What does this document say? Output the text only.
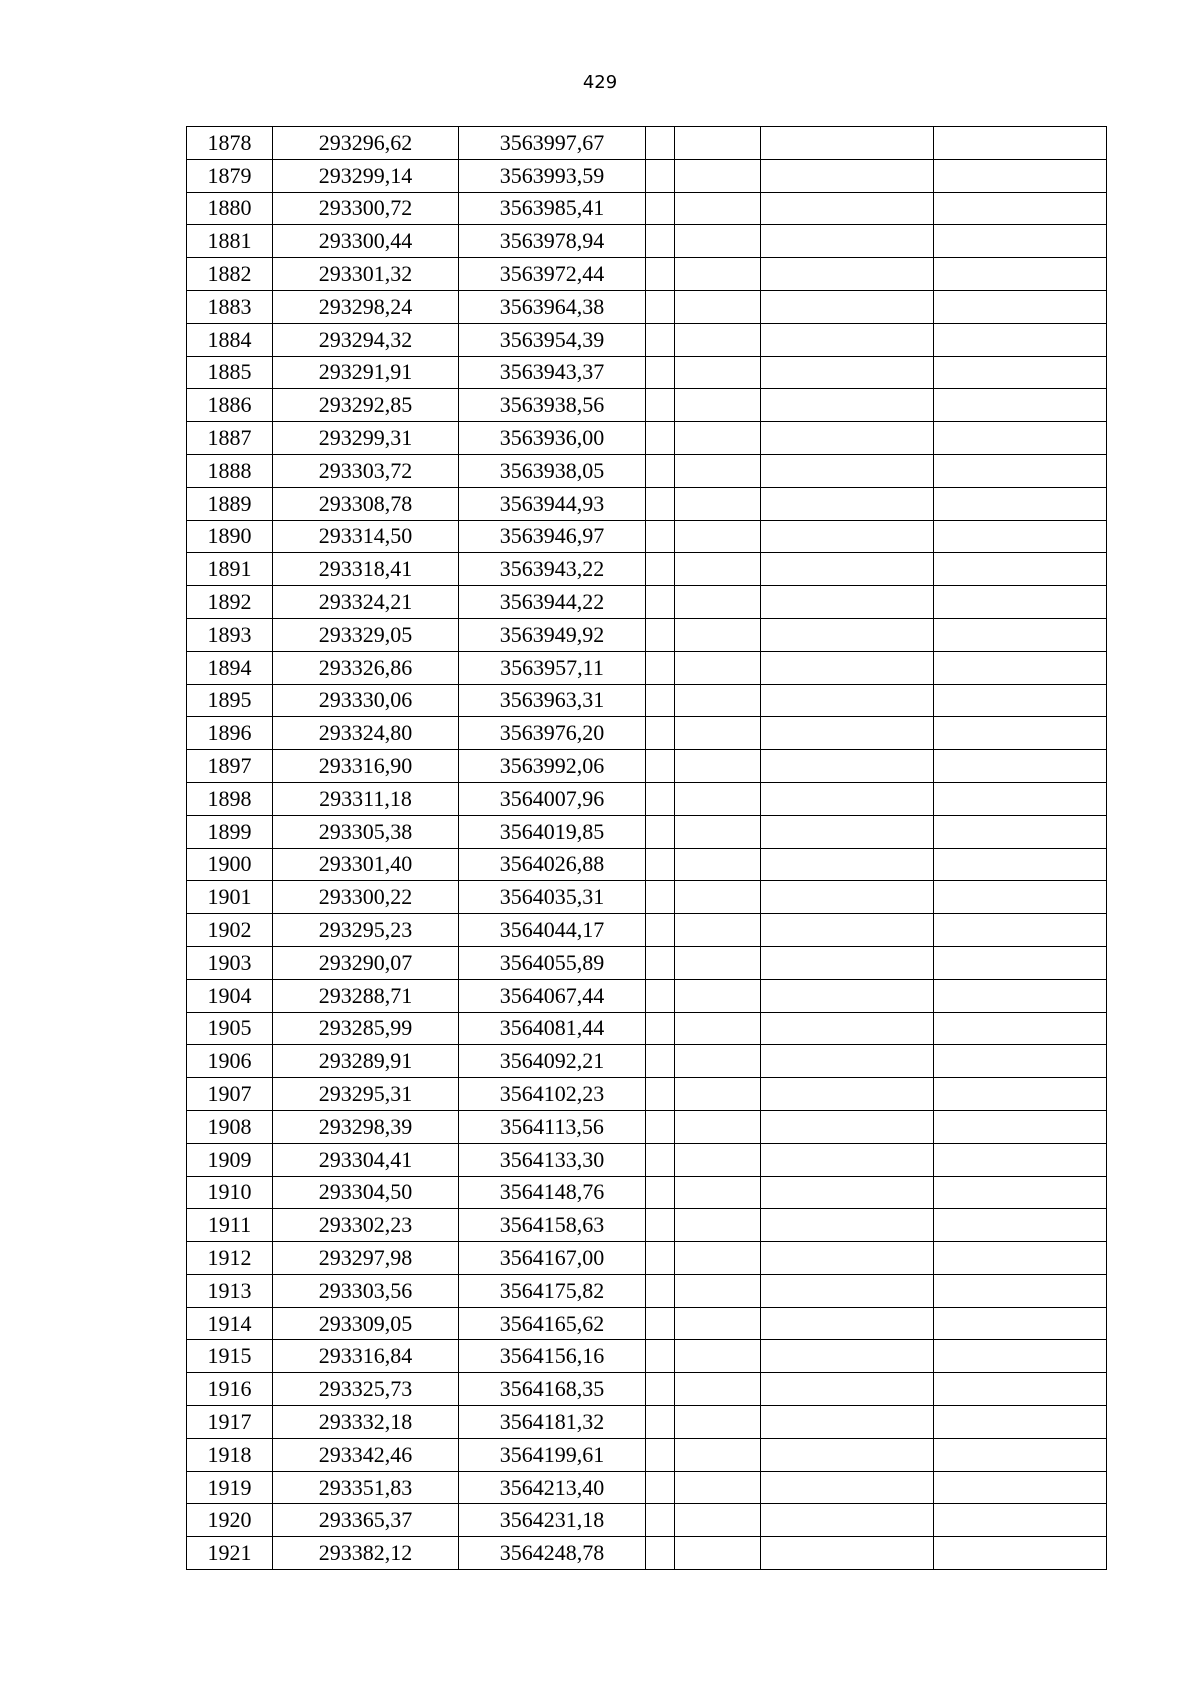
429
1878	293296,62	3563997,67				
1879	293299,14	3563993,59				
1880	293300,72	3563985,41				
1881	293300,44	3563978,94				
1882	293301,32	3563972,44				
1883	293298,24	3563964,38				
1884	293294,32	3563954,39				
1885	293291,91	3563943,37				
1886	293292,85	3563938,56				
1887	293299,31	3563936,00				
1888	293303,72	3563938,05				
1889	293308,78	3563944,93				
1890	293314,50	3563946,97				
1891	293318,41	3563943,22				
1892	293324,21	3563944,22				
1893	293329,05	3563949,92				
1894	293326,86	3563957,11				
1895	293330,06	3563963,31				
1896	293324,80	3563976,20				
1897	293316,90	3563992,06				
1898	293311,18	3564007,96				
1899	293305,38	3564019,85				
1900	293301,40	3564026,88				
1901	293300,22	3564035,31				
1902	293295,23	3564044,17				
1903	293290,07	3564055,89				
1904	293288,71	3564067,44				
1905	293285,99	3564081,44				
1906	293289,91	3564092,21				
1907	293295,31	3564102,23				
1908	293298,39	3564113,56				
1909	293304,41	3564133,30				
1910	293304,50	3564148,76				
1911	293302,23	3564158,63				
1912	293297,98	3564167,00				
1913	293303,56	3564175,82				
1914	293309,05	3564165,62				
1915	293316,84	3564156,16				
1916	293325,73	3564168,35				
1917	293332,18	3564181,32				
1918	293342,46	3564199,61				
1919	293351,83	3564213,40				
1920	293365,37	3564231,18				
1921	293382,12	3564248,78				
